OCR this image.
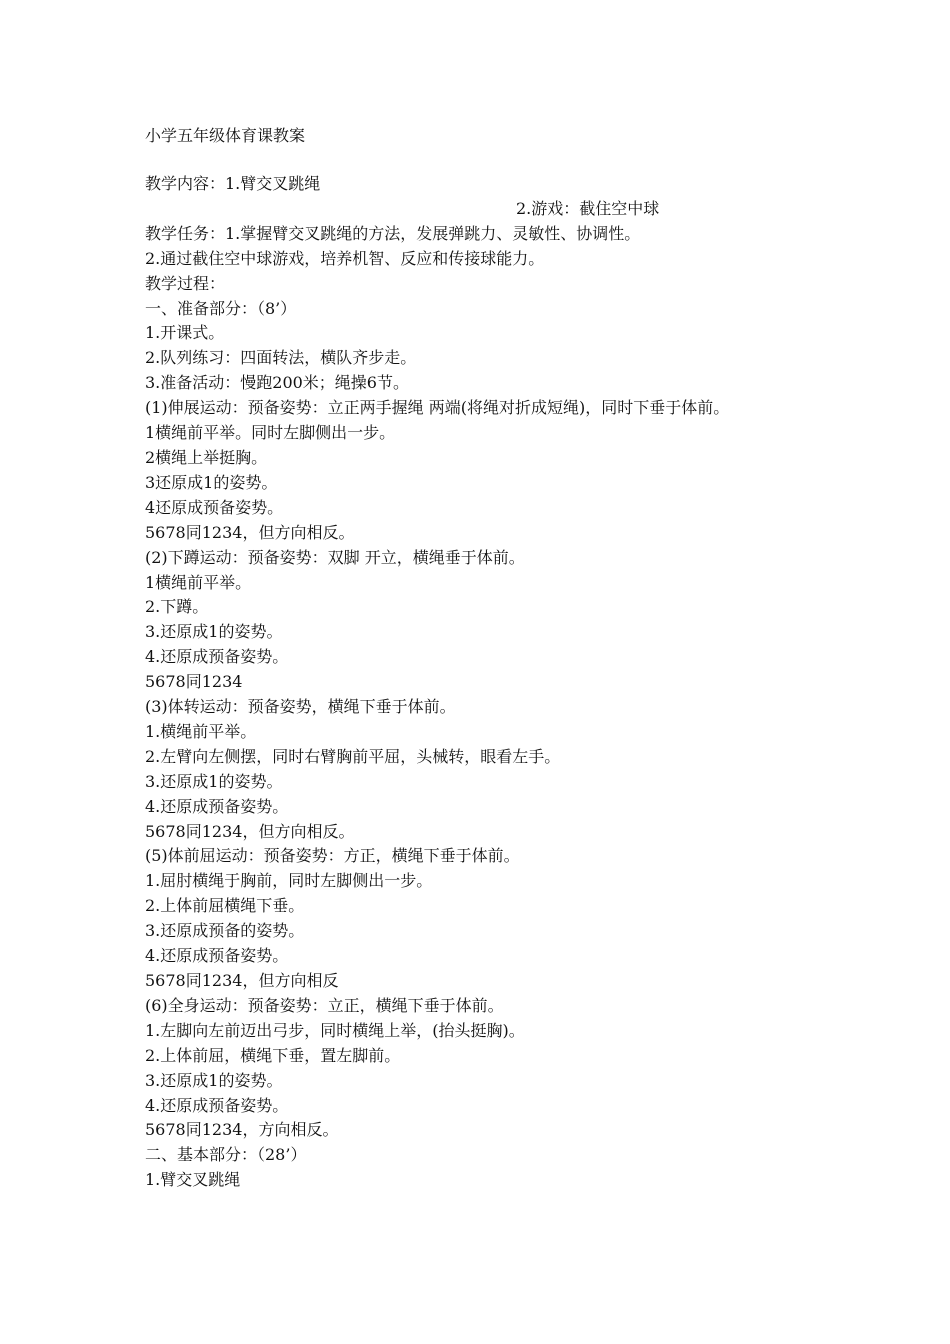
小学五年级体育课教案

教学内容：1.臂交叉跳绳

2.游戏：截住空中球

教学任务：1.掌握臂交叉跳绳的方法，发展弹跳力、灵敏性、协调性。

2.通过截住空中球游戏，培养机智、反应和传接球能力。

教学过程：

一、准备部分：（8’）

1.开课式。

2.队列练习：四面转法，横队齐步走。

3.准备活动：慢跑200米；绳操6节。

(1)伸展运动：预备姿势：立正两手握绳 两端(将绳对折成短绳)，同时下垂于体前。

1横绳前平举。同时左脚侧出一步。

2横绳上举挺胸。

3还原成1的姿势。

4还原成预备姿势。

5678同1234，但方向相反。

(2)下蹲运动：预备姿势：双脚 开立，横绳垂于体前。

1横绳前平举。

2.下蹲。

3.还原成1的姿势。

4.还原成预备姿势。

5678同1234

(3)体转运动：预备姿势，横绳下垂于体前。

1.横绳前平举。

2.左臂向左侧摆，同时右臂胸前平屈，头械转，眼看左手。

3.还原成1的姿势。

4.还原成预备姿势。

5678同1234，但方向相反。

(5)体前屈运动：预备姿势：方正，横绳下垂于体前。

1.屈肘横绳于胸前，同时左脚侧出一步。

2.上体前屈横绳下垂。

3.还原成预备的姿势。

4.还原成预备姿势。

5678同1234，但方向相反

(6)全身运动：预备姿势：立正，横绳下垂于体前。

1.左脚向左前迈出弓步，同时横绳上举，(抬头挺胸)。

2.上体前屈，横绳下垂，置左脚前。

3.还原成1的姿势。

4.还原成预备姿势。

5678同1234，方向相反。

二、基本部分：（28’）

1.臂交叉跳绳
